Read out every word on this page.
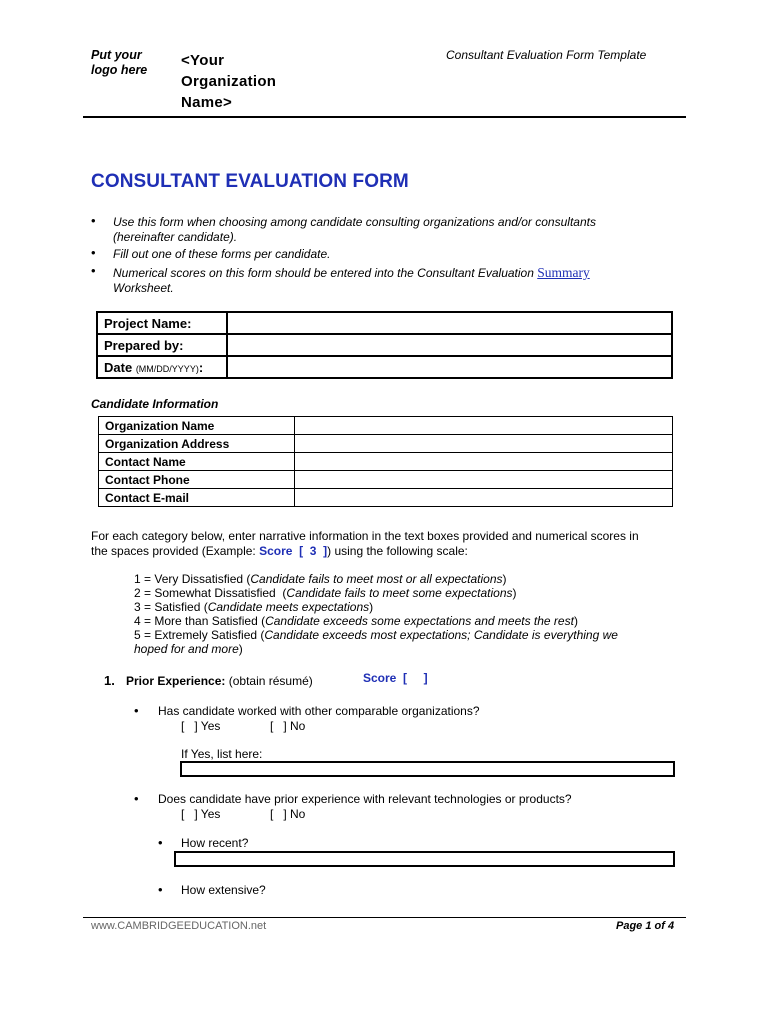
Put your
logo here
<Your
Organization
Name>
Consultant Evaluation Form Template
CONSULTANT EVALUATION FORM
• Use this form when choosing among candidate consulting organizations and/or consultants
(hereinafter candidate).
• Fill out one of these forms per candidate.
• Numerical scores on this form should be entered into the Consultant Evaluation Summary
Worksheet.
Project Name:	
Prepared by:	
Date (MM/DD/YYYY):	
Candidate Information
Organization Name	
Organization Address	
Contact Name	
Contact Phone	
Contact E-mail	
For each category below, enter narrative information in the text boxes provided and numerical scores in
the spaces provided (Example: Score  [  3  ]) using the following scale:
1 = Very Dissatisfied (Candidate fails to meet most or all expectations)
2 = Somewhat Dissatisfied  (Candidate fails to meet some expectations)
3 = Satisfied (Candidate meets expectations)
4 = More than Satisfied (Candidate exceeds some expectations and meets the rest)
5 = Extremely Satisfied (Candidate exceeds most expectations; Candidate is everything we
hoped for and more)
1. Prior Experience: (obtain résumé)	Score  [     ]
• Has candidate worked with other comparable organizations?
[   ] Yes	[   ] No
If Yes, list here:
• Does candidate have prior experience with relevant technologies or products?
[   ] Yes	[   ] No
• How recent?
• How extensive?
www.CAMBRIDGEEDUCATION.net	Page 1 of 4
